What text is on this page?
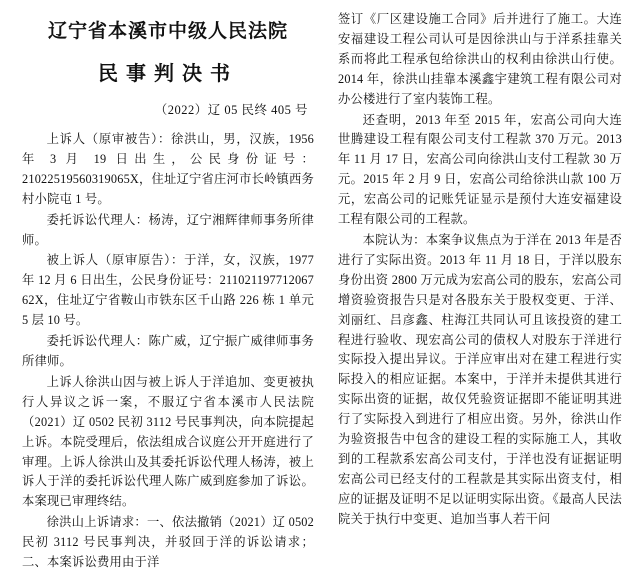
辽宁省本溪市中级人民法院
民事判决书
（2022）辽 05 民终 405 号

上诉人（原审被告）：徐洪山，男，汉族，1956 年 3 月 19 日出生，公民身份证号：21022519560319065X，住址辽宁省庄河市长岭镇西务村小院屯 1 号。

委托诉讼代理人：杨涛，辽宁湘辉律师事务所律师。

被上诉人（原审原告）：于洋，女，汉族，1977 年 12 月 6 日出生，公民身份证号：211021197712067 62X，住址辽宁省鞍山市铁东区千山路 226 栋 1 单元 5 层 10 号。

委托诉讼代理人：陈广威，辽宁振广威律师事务所律师。

上诉人徐洪山因与被上诉人于洋追加、变更被执行人异议之诉一案，不服辽宁省本溪市人民法院（2021）辽 0502 民初 3112 号民事判决，向本院提起上诉。本院受理后，依法组成合议庭公开开庭进行了审理。上诉人徐洪山及其委托诉讼代理人杨涛，被上诉人于洋的委托诉讼代理人陈广威到庭参加了诉讼。本案现已审理终结。

徐洪山上诉请求：一、依法撤销（2021）辽 0502 民初 3112 号民事判决，并驳回于洋的诉讼请求；二、本案诉讼费用由于洋

签订《厂区建设施工合同》后并进行了施工。大连安福建设工程公司认可是因徐洪山与于洋系挂靠关系而将此工程承包给徐洪山的权利由徐洪山行使。2014 年，徐洪山挂靠本溪鑫宇建筑工程有限公司对办公楼进行了室内装饰工程。

还查明，2013 年至 2015 年，宏高公司向大连世腾建设工程有限公司支付工程款 370 万元。2013 年 11 月 17 日，宏高公司向徐洪山支付工程款 30 万元。2015 年 2 月 9 日，宏高公司给徐洪山款 100 万元，宏高公司的记账凭证显示是预付大连安福建设工程有限公司的工程款。

本院认为：本案争议焦点为于洋在 2013 年是否进行了实际出资。2013 年 11 月 18 日，于洋以股东身份出资 2800 万元成为宏高公司的股东，宏高公司增资验资报告只是对各股东关于股权变更、于洋、刘丽红、吕彦鑫、柱海江共同认可且该投资的建工程进行验收、现宏高公司的债权人对股东于洋进行实际投入提出异议。于洋应审出对在建工程进行实际投入的相应证据。本案中，于洋并未提供其进行实际出资的证据，故仅凭验资证据即不能证明其进行了实际投入到进行了相应出资。另外，徐洪山作为验资报告中包含的建设工程的实际施工人，其收到的工程款系宏高公司支付，于洋也没有证据证明宏高公司已经支付的工程款是其实际出资支付，相应的证据及证明不足以证明实际出资。《最高人民法院关于执行中变更、追加当事人若干问
